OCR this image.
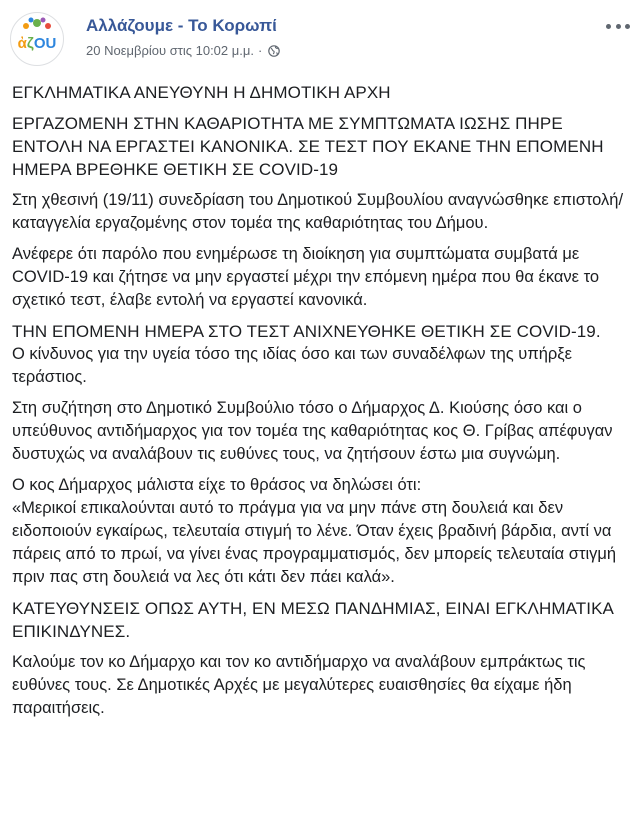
ἀζOU
Αλλάζουμε - Το Κορωπί
20 Νοεμβρίου στις 10:02 μ.μ. ·

ΕΓΚΛΗΜΑΤΙΚΑ ΑΝΕΥΘΥΝΗ Η ΔΗΜΟΤΙΚΗ ΑΡΧΗ

ΕΡΓΑΖΟΜΕΝΗ ΣΤΗΝ ΚΑΘΑΡΙΟΤΗΤΑ ΜΕ ΣΥΜΠΤΩΜΑΤΑ ΙΩΣΗΣ ΠΗΡΕ ΕΝΤΟΛΗ ΝΑ ΕΡΓΑΣΤΕΙ ΚΑΝΟΝΙΚΑ. ΣΕ ΤΕΣΤ ΠΟΥ ΕΚΑΝΕ ΤΗΝ ΕΠΟΜΕΝΗ ΗΜΕΡΑ ΒΡΕΘΗΚΕ ΘΕΤΙΚΗ ΣΕ COVID-19

Στη χθεσινή (19/11) συνεδρίαση του Δημοτικού Συμβουλίου αναγνώσθηκε επιστολή/καταγγελία εργαζομένης στον τομέα της καθαριότητας του Δήμου.

Ανέφερε ότι παρόλο που ενημέρωσε τη διοίκηση για συμπτώματα συμβατά με COVID-19 και ζήτησε να μην εργαστεί μέχρι την επόμενη ημέρα που θα έκανε το σχετικό τεστ, έλαβε εντολή να εργαστεί κανονικά.

ΤΗΝ ΕΠΟΜΕΝΗ ΗΜΕΡΑ ΣΤΟ ΤΕΣΤ ΑΝΙΧΝΕΥΘΗΚΕ ΘΕΤΙΚΗ ΣΕ COVID-19.

Ο κίνδυνος για την υγεία τόσο της ιδίας όσο και των συναδέλφων της υπήρξε τεράστιος.

Στη συζήτηση στο Δημοτικό Συμβούλιο τόσο ο Δήμαρχος Δ. Κιούσης όσο και ο υπεύθυνος αντιδήμαρχος για τον τομέα της καθαριότητας κος Θ. Γρίβας απέφυγαν δυστυχώς να αναλάβουν τις ευθύνες τους, να ζητήσουν έστω μια συγνώμη.

Ο κος Δήμαρχος μάλιστα είχε το θράσος να δηλώσει ότι:

«Μερικοί επικαλούνται αυτό το πράγμα για να μην πάνε στη δουλειά και δεν ειδοποιούν εγκαίρως, τελευταία στιγμή το λένε. Όταν έχεις βραδινή βάρδια, αντί να πάρεις από το πρωί, να γίνει ένας προγραμματισμός, δεν μπορείς τελευταία στιγμή πριν πας στη δουλειά να λες ότι κάτι δεν πάει καλά».

ΚΑΤΕΥΘΥΝΣΕΙΣ ΟΠΩΣ ΑΥΤΗ, ΕΝ ΜΕΣΩ ΠΑΝΔΗΜΙΑΣ, ΕΙΝΑΙ ΕΓΚΛΗΜΑΤΙΚΑ ΕΠΙΚΙΝΔΥΝΕΣ.

Καλούμε τον κο Δήμαρχο και τον κο αντιδήμαρχο να αναλάβουν εμπράκτως τις ευθύνες τους. Σε Δημοτικές Αρχές με μεγαλύτερες ευαισθησίες θα είχαμε ήδη παραιτήσεις.
